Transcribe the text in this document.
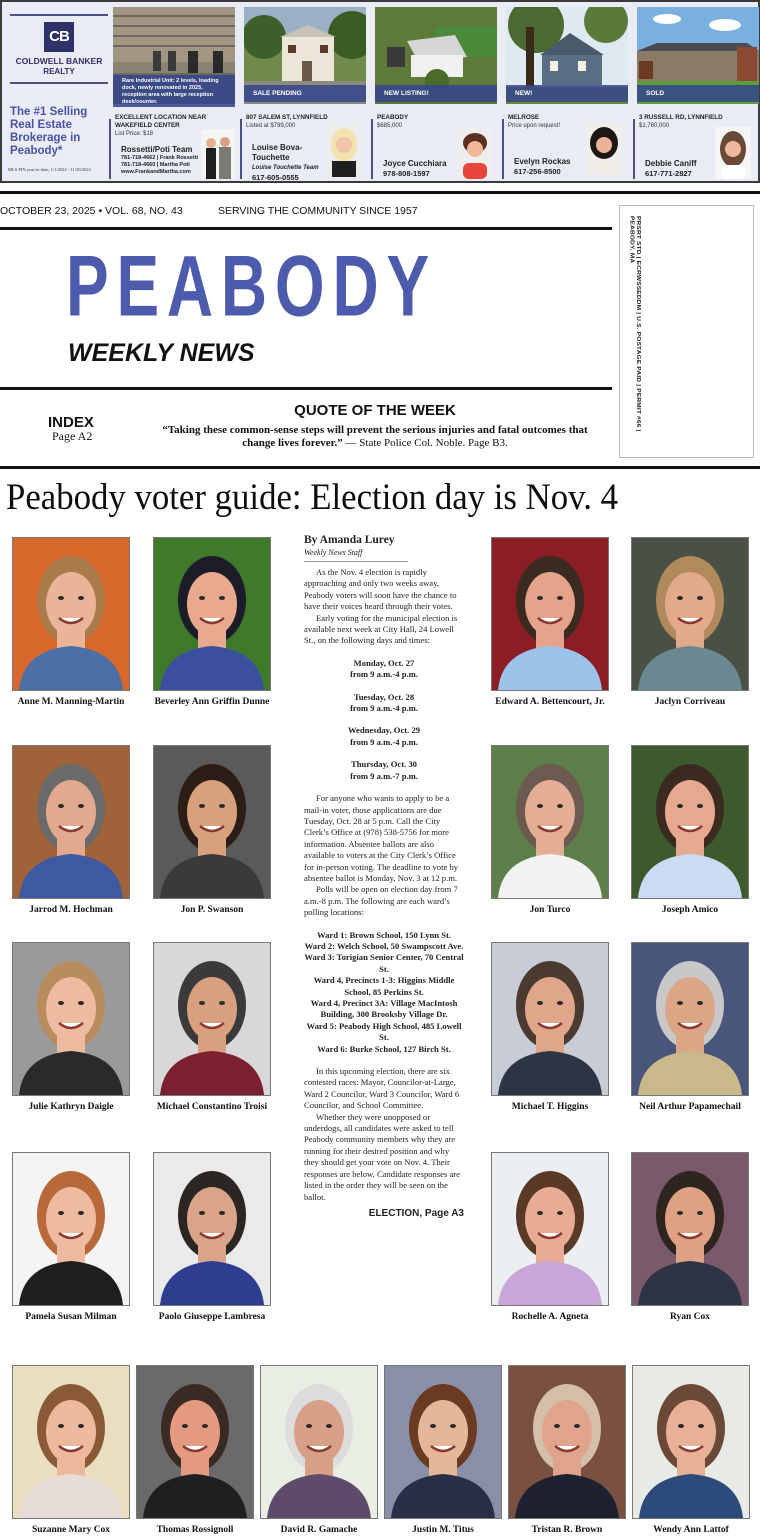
CB
COLDWELL BANKER
REALTY
The #1 Selling Real Estate Brokerage in Peabody*
MLS PIN year-to-date, 1/1/2022 - 11/30/2022
Rare Industrial Unit: 2 levels, loading dock, newly renovated in 2025, reception area with large reception desk/counter.
EXCELLENT LOCATION NEAR WAKEFIELD CENTER
List Price: $18
Rossetti/Poti Team
781-718-4662 | Frank Rossetti
781-718-4660 | Martha Poti
www.FrankandMartha.com
SALE PENDING
807 SALEM ST, LYNNFIELD
Listed at $799,000
Louise Bova-Touchette
Louise Touchette Team
617-605-0555
NEW LISTING!
PEABODY
$685,000
Joyce Cucchiara
978-808-1597
NEW!
MELROSE
Price upon request!
Evelyn Rockas
617-256-8500
SOLD
3 RUSSELL RD, LYNNFIELD
$1,760,000
Debbie Caniff
617-771-2827
OCTOBER 23, 2025 • VOL. 68, NO. 43	SERVING THE COMMUNITY SINCE 1957
PEABODY
WEEKLY NEWS
INDEX
Page A2
QUOTE OF THE WEEK
“Taking these common-sense steps will prevent the serious injuries and fatal outcomes that change lives forever.” — State Police Col. Noble. Page B3.
PRSRT STD | ECRWSSEDDM | U.S. POSTAGE PAID | PERMIT #66 | PEABODY, MA
Peabody voter guide: Election day is Nov. 4
By Amanda Lurey
Weekly News Staff

As the Nov. 4 election is rapidly approaching and only two weeks away, Peabody voters will soon have the chance to have their voices heard through their votes.

Early voting for the municipal election is available next week at City Hall, 24 Lowell St., on the following days and times:

Monday, Oct. 27
from 9 a.m.-4 p.m.
Tuesday, Oct. 28
from 9 a.m.-4 p.m.
Wednesday, Oct. 29
from 9 a.m.-4 p.m.
Thursday, Oct. 30
from 9 a.m.-7 p.m.

For anyone who wants to apply to be a mail-in voter, those applications are due Tuesday, Oct. 28 at 5 p.m. Call the City Clerk’s Office at (978) 538-5756 for more information. Absentee ballots are also available to voters at the City Clerk’s Office for in-person voting. The deadline to vote by absentee ballot is Monday, Nov. 3 at 12 p.m.

Polls will be open on election day from 7 a.m.-8 p.m. The following are each ward’s polling locations:

Ward 1: Brown School, 150 Lynn St.
Ward 2: Welch School, 50 Swampscott Ave.
Ward 3: Torigian Senior Center, 70 Central St.
Ward 4, Precincts 1-3: Higgins Middle School, 85 Perkins St.
Ward 4, Precinct 3A: Village MacIntosh Building, 300 Brooksby Village Dr.
Ward 5: Peabody High School, 485 Lowell St.
Ward 6: Burke School, 127 Birch St.

In this upcoming election, there are six contested races: Mayor, Councilor-at-Large, Ward 2 Councilor, Ward 3 Councilor, Ward 6 Councilor, and School Committee.

Whether they were unopposed or underdogs, all candidates were asked to tell Peabody community members why they are running for their desired position and why they should get your vote on Nov. 4. Their responses are below. Candidate responses are listed in the order they will be seen on the ballot.

ELECTION, Page A3
Anne M. Manning-Martin	Beverley Ann Griffin Dunne	Edward A. Bettencourt, Jr.	Jaclyn Corriveau
Jarrod M. Hochman	Jon P. Swanson	Jon Turco	Joseph Amico
Julie Kathryn Daigle	Michael Constantino Troisi	Michael T. Higgins	Neil Arthur Papamechail
Pamela Susan Milman	Paolo Giuseppe Lambresa	Rochelle A. Agneta	Ryan Cox
Suzanne Mary Cox	Thomas Rossignoll	David R. Gamache	Justin M. Titus	Tristan R. Brown	Wendy Ann Lattof
